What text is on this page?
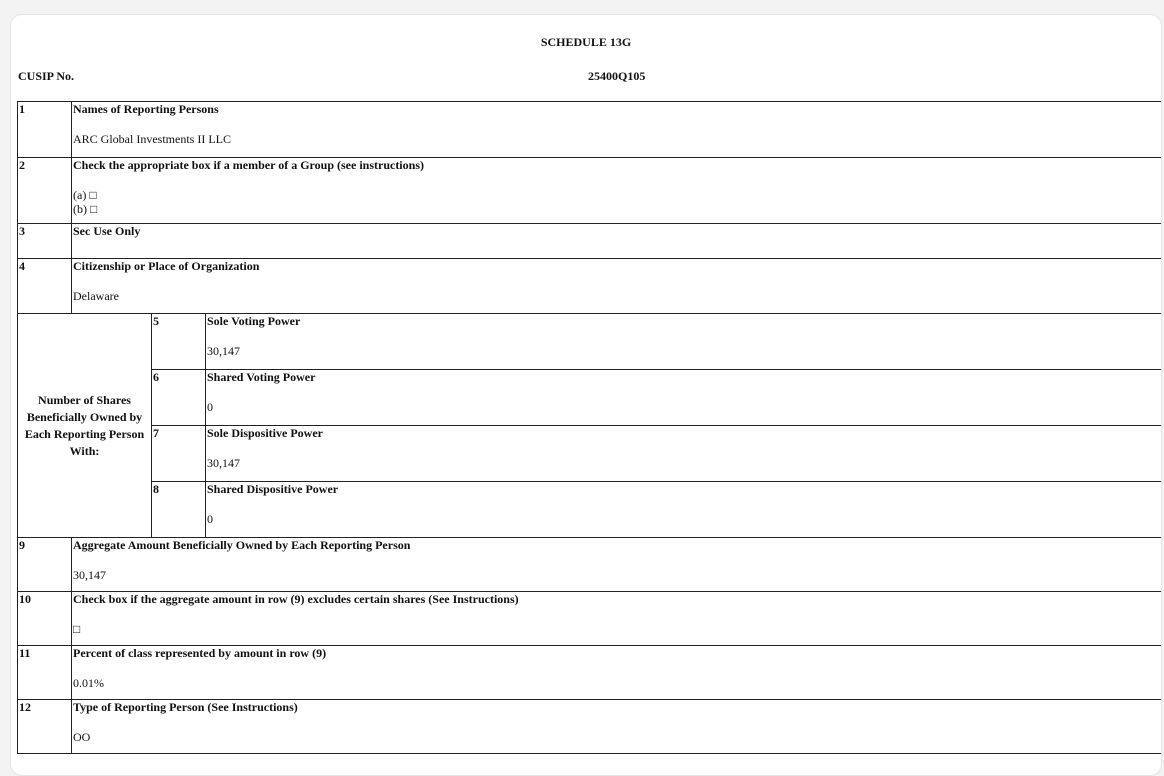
SCHEDULE 13G
CUSIP No.	25400Q105
1	Names of Reporting Persons
ARC Global Investments II LLC		

2	Check the appropriate box if a member of a Group (see instructions)
(a) □
(b) □		

3	Sec Use Only		

4	Citizenship or Place of Organization
Delaware		

Number of Shares Beneficially Owned by Each Reporting Person With:		5	Sole Voting Power
30,147

		6	Shared Voting Power
0

		7	Sole Dispositive Power
30,147

		8	Shared Dispositive Power
0

9	Aggregate Amount Beneficially Owned by Each Reporting Person
30,147		

10	Check box if the aggregate amount in row (9) excludes certain shares (See Instructions)
□		

11	Percent of class represented by amount in row (9)
0.01%		

12	Type of Reporting Person (See Instructions)
OO		
